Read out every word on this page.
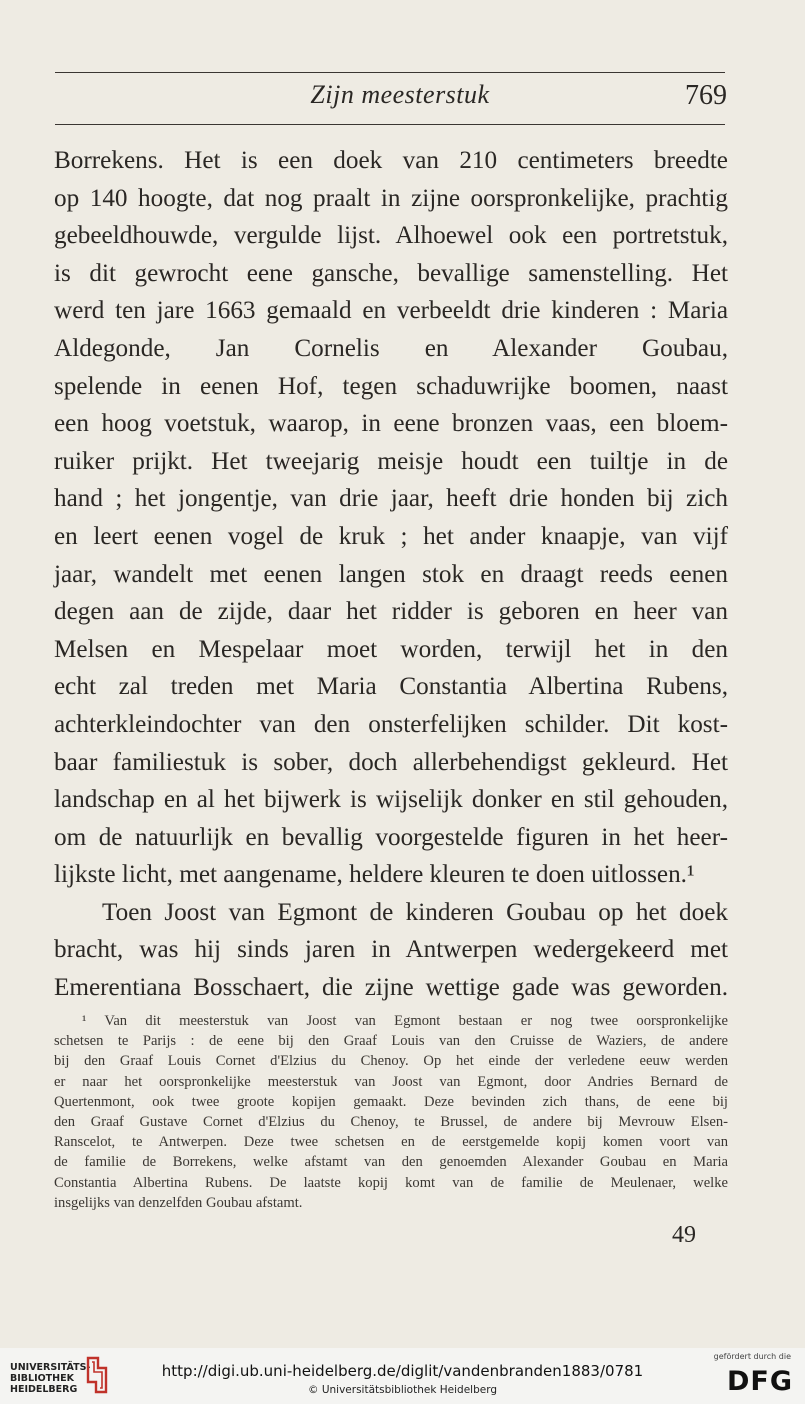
Zijn meesterstuk	769
Borrekens. Het is een doek van 210 centimeters breedte
op 140 hoogte, dat nog praalt in zijne oorspronkelijke, prachtig
gebeeldhouwde, vergulde lijst. Alhoewel ook een portretstuk,
is dit gewrocht eene gansche, bevallige samenstelling. Het
werd ten jare 1663 gemaald en verbeeldt drie kinderen : Maria
Aldegonde, Jan Cornelis en Alexander Goubau,
spelende in eenen Hof, tegen schaduwrijke boomen, naast
een hoog voetstuk, waarop, in eene bronzen vaas, een bloem-
ruiker prijkt. Het tweejarig meisje houdt een tuiltje in de
hand ; het jongentje, van drie jaar, heeft drie honden bij zich
en leert eenen vogel de kruk ; het ander knaapje, van vijf
jaar, wandelt met eenen langen stok en draagt reeds eenen
degen aan de zijde, daar het ridder is geboren en heer van
Melsen en Mespelaar moet worden, terwijl het in den
echt zal treden met Maria Constantia Albertina Rubens,
achterkleindochter van den onsterfelijken schilder. Dit kost-
baar familiestuk is sober, doch allerbehendigst gekleurd. Het
landschap en al het bijwerk is wijselijk donker en stil gehouden,
om de natuurlijk en bevallig voorgestelde figuren in het heer-
lijkste licht, met aangename, heldere kleuren te doen uitlossen.¹
Toen Joost van Egmont de kinderen Goubau op het doek
bracht, was hij sinds jaren in Antwerpen wedergekeerd met
Emerentiana Bosschaert, die zijne wettige gade was geworden.
¹ Van dit meesterstuk van Joost van Egmont bestaan er nog twee oorspronkelijke
schetsen te Parijs : de eene bij den Graaf Louis van den Cruisse de Waziers, de andere
bij den Graaf Louis Cornet d'Elzius du Chenoy. Op het einde der verledene eeuw werden
er naar het oorspronkelijke meesterstuk van Joost van Egmont, door Andries Bernard de
Quertenmont, ook twee groote kopijen gemaakt. Deze bevinden zich thans, de eene bij
den Graaf Gustave Cornet d'Elzius du Chenoy, te Brussel, de andere bij Mevrouw Elsen-
Ranscelot, te Antwerpen. Deze twee schetsen en de eerstgemelde kopij komen voort van
de familie de Borrekens, welke afstamt van den genoemden Alexander Goubau en Maria
Constantia Albertina Rubens. De laatste kopij komt van de familie de Meulenaer, welke
insgelijks van denzelfden Goubau afstamt.
49
UNIVERSITÄTS-
BIBLIOTHEK
HEIDELBERG
http://digi.ub.uni-heidelberg.de/diglit/vandenbranden1883/0781
© Universitätsbibliothek Heidelberg
gefördert durch die
DFG
